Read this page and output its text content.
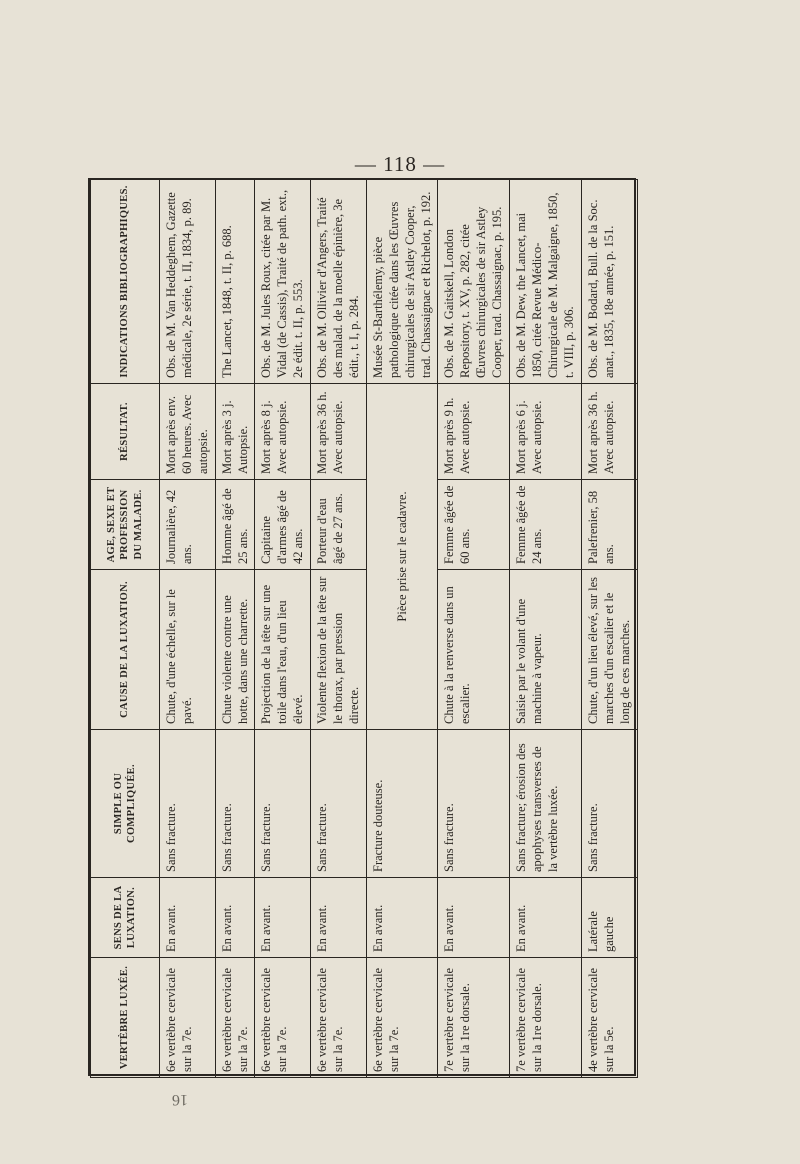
— 118 —
VERTÈBRE LUXÉE.	SENS DE LA LUXATION.	SIMPLE OU COMPLIQUÉE.	CAUSE DE LA LUXATION.	AGE, SEXE ET PROFESSION DU MALADE.	RÉSULTAT.	INDICATIONS BIBLIOGRAPHIQUES.
6e vertèbre cervicale sur la 7e.	En avant.	Sans fracture.	Chute, d'une échelle, sur le pavé.	Journalière, 42 ans.	Mort après env. 60 heures. Avec autopsie.	Obs. de M. Van Heddeghem, Gazette médicale, 2e série, t. II, 1834, p. 89.
6e vertèbre cervicale sur la 7e.	En avant.	Sans fracture.	Chute violente contre une hotte, dans une charrette.	Homme âgé de 25 ans.	Mort après 3 j. Autopsie.	The Lancet, 1848, t. II, p. 688.
6e vertèbre cervicale sur la 7e.	En avant.	Sans fracture.	Projection de la tête sur une toile dans l'eau, d'un lieu élevé.	Capitaine d'armes âgé de 42 ans.	Mort après 8 j. Avec autopsie.	Obs. de M. Jules Roux, citée par M. Vidal (de Cassis), Traité de path. ext., 2e édit. t. II, p. 553.
6e vertèbre cervicale sur la 7e.	En avant.	Sans fracture.	Violente flexion de la tête sur le thorax, par pression directe.	Porteur d'eau âgé de 27 ans.	Mort après 36 h. Avec autopsie.	Obs. de M. Ollivier d'Angers, Traité des malad. de la moelle épinière, 3e édit., t. I, p. 284.
6e vertèbre cervicale sur la 7e.	En avant.	Fracture douteuse.	Pièce prise sur le cadavre.			Musée St-Barthélemy, pièce pathologique citée dans les Œuvres chirurgicales de sir Astley Cooper, trad. Chassaignac et Richelot, p. 192.
7e vertèbre cervicale sur la 1re dorsale.	En avant.	Sans fracture.	Chute à la renverse dans un escalier.	Femme âgée de 60 ans.	Mort après 9 h. Avec autopsie.	Obs. de M. Gaitskell, London Repository, t. XV, p. 282, citée Œuvres chirurgicales de sir Astley Cooper, trad. Chassaignac, p. 195.
7e vertèbre cervicale sur la 1re dorsale.	En avant.	Sans fracture; érosion des apophyses transverses de la vertèbre luxée.	Saisie par le volant d'une machine à vapeur.	Femme âgée de 24 ans.	Mort après 6 j. Avec autopsie.	Obs. de M. Dew, the Lancet, mai 1850, citée Revue Médico-Chirurgicale de M. Malgaigne, 1850, t. VIII, p. 306.
4e vertèbre cervicale sur la 5e.	Latérale gauche	Sans fracture.	Chute, d'un lieu élevé, sur les marches d'un escalier et le long de ces marches.	Palefrenier, 58 ans.	Mort après 36 h. Avec autopsie.	Obs. de M. Bodard, Bull. de la Soc. anat., 1835, 18e année, p. 151.
16
